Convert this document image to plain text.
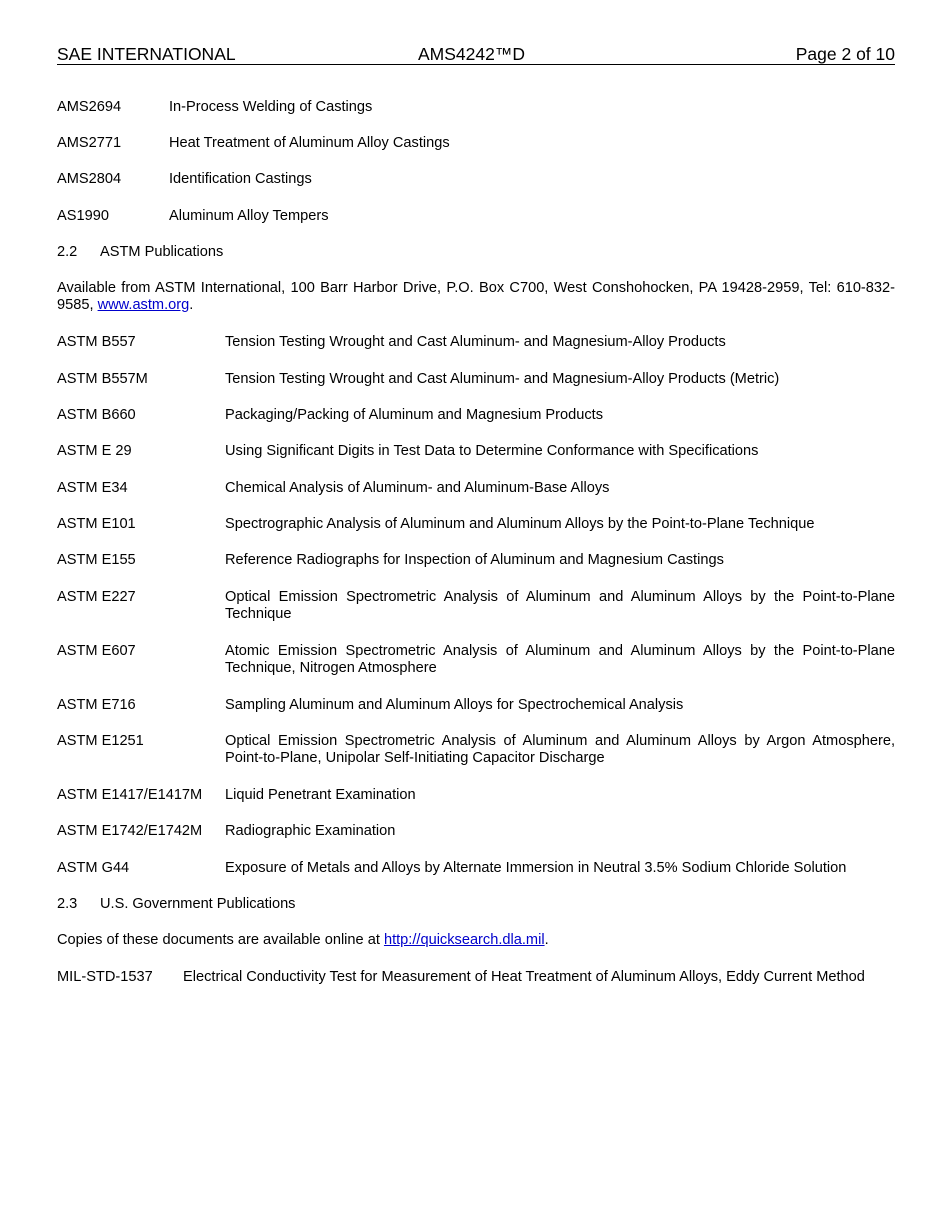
SAE INTERNATIONAL	AMS4242™D	Page 2 of 10
AMS2694	In-Process Welding of Castings
AMS2771	Heat Treatment of Aluminum Alloy Castings
AMS2804	Identification Castings
AS1990	Aluminum Alloy Tempers
2.2 ASTM Publications
Available from ASTM International, 100 Barr Harbor Drive, P.O. Box C700, West Conshohocken, PA 19428-2959, Tel: 610-832-9585, www.astm.org.
ASTM B557	Tension Testing Wrought and Cast Aluminum- and Magnesium-Alloy Products
ASTM B557M	Tension Testing Wrought and Cast Aluminum- and Magnesium-Alloy Products (Metric)
ASTM B660	Packaging/Packing of Aluminum and Magnesium Products
ASTM E 29	Using Significant Digits in Test Data to Determine Conformance with Specifications
ASTM E34	Chemical Analysis of Aluminum- and Aluminum-Base Alloys
ASTM E101	Spectrographic Analysis of Aluminum and Aluminum Alloys by the Point-to-Plane Technique
ASTM E155	Reference Radiographs for Inspection of Aluminum and Magnesium Castings
ASTM E227	Optical Emission Spectrometric Analysis of Aluminum and Aluminum Alloys by the Point-to-Plane Technique
ASTM E607	Atomic Emission Spectrometric Analysis of Aluminum and Aluminum Alloys by the Point-to-Plane Technique, Nitrogen Atmosphere
ASTM E716	Sampling Aluminum and Aluminum Alloys for Spectrochemical Analysis
ASTM E1251	Optical Emission Spectrometric Analysis of Aluminum and Aluminum Alloys by Argon Atmosphere, Point-to-Plane, Unipolar Self-Initiating Capacitor Discharge
ASTM E1417/E1417M Liquid Penetrant Examination
ASTM E1742/E1742M Radiographic Examination
ASTM G44	Exposure of Metals and Alloys by Alternate Immersion in Neutral 3.5% Sodium Chloride Solution
2.3 U.S. Government Publications
Copies of these documents are available online at http://quicksearch.dla.mil.
MIL-STD-1537 Electrical Conductivity Test for Measurement of Heat Treatment of Aluminum Alloys, Eddy Current Method
